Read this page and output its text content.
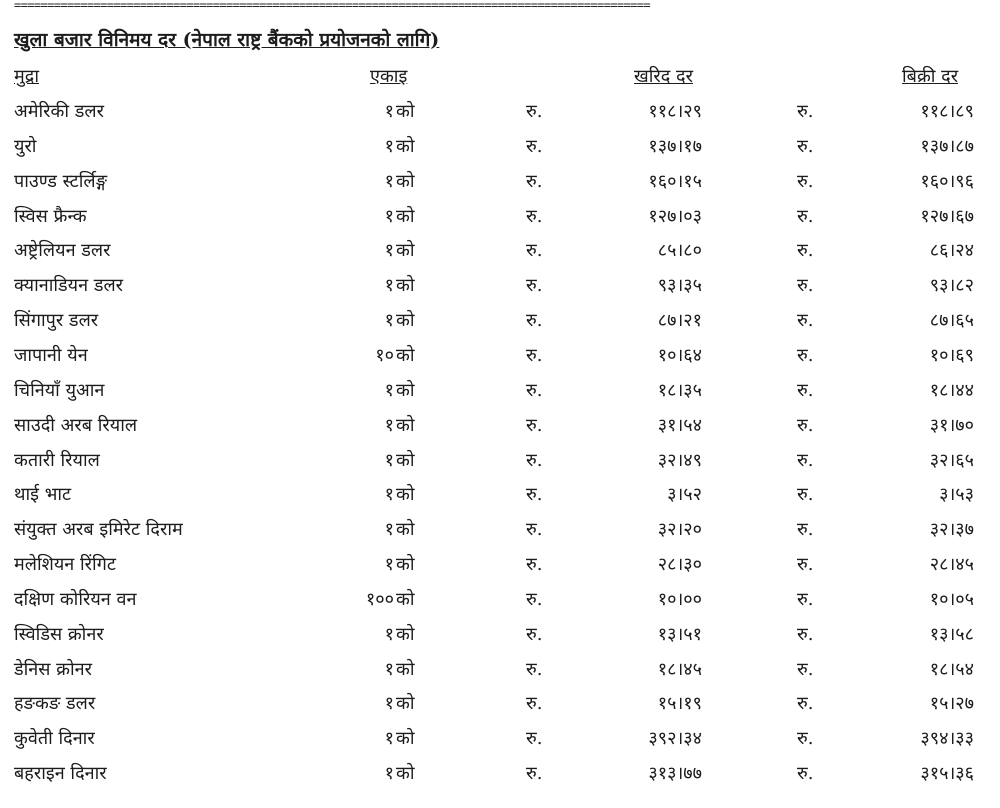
================================================================================================
खुला बजार विनिमय दर (नेपाल राष्ट्र बैंकको प्रयोजनको लागि)
मुद्रा	एकाइ	खरिद दर	बिक्री दर
अमेरिकी डलर	१ को	रु.	११८।२९	रु.	११८।८९
युरो	१ को	रु.	१३७।१७	रु.	१३७।८७
पाउण्ड स्टर्लिङ्ग	१ को	रु.	१६०।१५	रु.	१६०।९६
स्विस फ्रैन्क	१ को	रु.	१२७।०३	रु.	१२७।६७
अष्ट्रेलियन डलर	१ को	रु.	८५।८०	रु.	८६।२४
क्यानाडियन डलर	१ को	रु.	९३।३५	रु.	९३।८२
सिंगापुर डलर	१ को	रु.	८७।२१	रु.	८७।६५
जापानी येन	१० को	रु.	१०।६४	रु.	१०।६९
चिनियाँ युआन	१ को	रु.	१८।३५	रु.	१८।४४
साउदी अरब रियाल	१ को	रु.	३१।५४	रु.	३१।७०
कतारी रियाल	१ को	रु.	३२।४९	रु.	३२।६५
थाई भाट	१ को	रु.	३।५२	रु.	३।५३
संयुक्त अरब इमिरेट दिराम	१ को	रु.	३२।२०	रु.	३२।३७
मलेशियन रिंगिट	१ को	रु.	२८।३०	रु.	२८।४५
दक्षिण कोरियन वन	१०० को	रु.	१०।००	रु.	१०।०५
स्विडिस क्रोनर	१ को	रु.	१३।५१	रु.	१३।५८
डेनिस क्रोनर	१ को	रु.	१८।४५	रु.	१८।५४
हङकङ डलर	१ को	रु.	१५।१९	रु.	१५।२७
कुवेती दिनार	१ को	रु.	३९२।३४	रु.	३९४।३३
बहराइन दिनार	१ को	रु.	३१३।७७	रु.	३१५।३६
